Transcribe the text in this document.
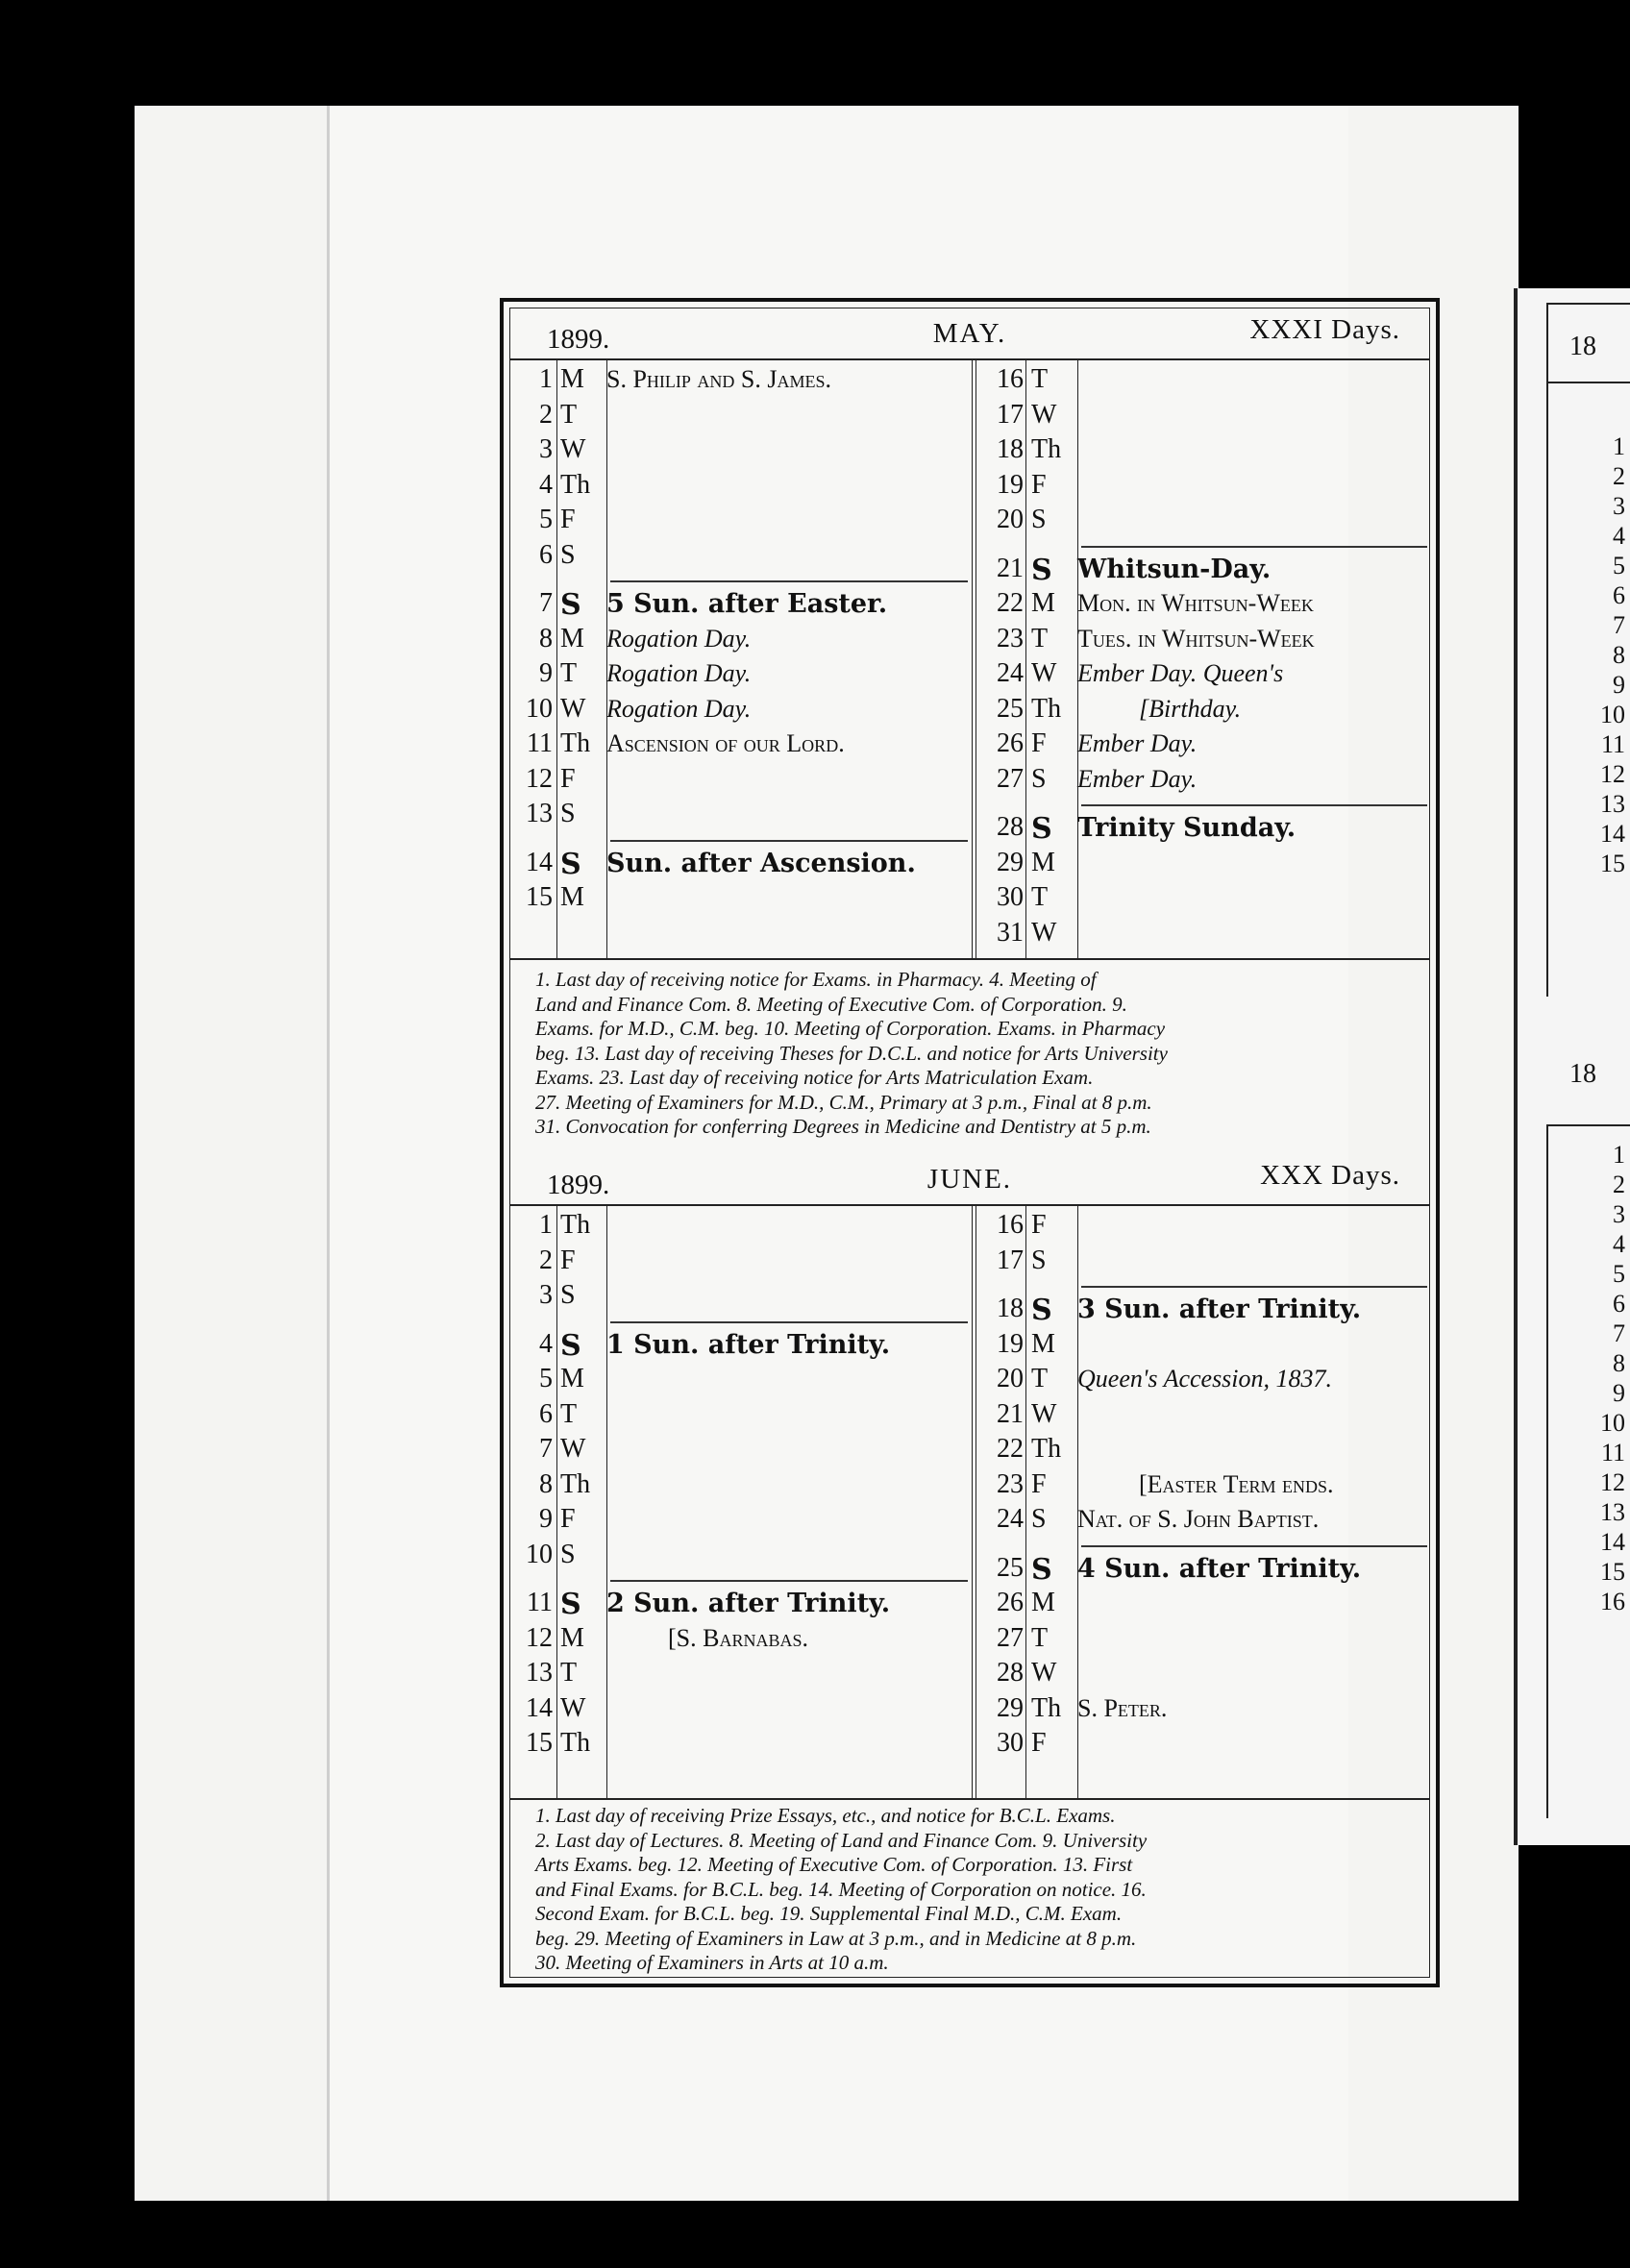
18
1
2
3
4
5
6
7
8
9
10
11
12
13
14
15
18
1
2
3
4
5
6
7
8
9
10
11
12
13
14
15
16
1899.	MAY.	XXXI Days.
1 M S. Philip and S. James.
2 T
3 W
4 Th
5 F
6 S
7 S 5 Sun. after Easter.
8 M Rogation Day.
9 T	Rogation Day.
10 W Rogation Day.
11 Th Ascension of our Lord.
12 F
13 S
14 S Sun. after Ascension.
15 M
16 T
17 W
18 Th
19 F
20 S
21 S Whitsun-Day.
22 M Mon. in Whitsun-Week
23 T	Tues. in Whitsun-Week
24 W Ember Day. Queen's
25 Th	[Birthday.
26 F	Ember Day.
27 S	Ember Day.
28 S Trinity Sunday.
29 M
30 T
31 W
1. Last day of receiving notice for Exams. in Pharmacy. 4. Meeting of
Land and Finance Com. 8. Meeting of Executive Com. of Corporation. 9.
Exams. for M.D., C.M. beg. 10. Meeting of Corporation. Exams. in Pharmacy
beg. 13. Last day of receiving Theses for D.C.L. and notice for Arts University
Exams. 23. Last day of receiving notice for Arts Matriculation Exam.
27. Meeting of Examiners for M.D., C.M., Primary at 3 p.m., Final at 8 p.m.
31. Convocation for conferring Degrees in Medicine and Dentistry at 5 p.m.
1899.	JUNE.	XXX Days.
1 Th
2 F
3 S
4 S 1 Sun. after Trinity.
5 M
6 T
7 W
8 Th
9 F
10 S
11 S 2 Sun. after Trinity.
12 M	[S. Barnabas.
13 T
14 W
15 Th
16 F
17 S
18 S 3 Sun. after Trinity.
19 M
20 T	Queen's Accession, 1837.
21 W
22 Th
23 F	[Easter Term ends.
24 S	Nat. of S. John Baptist.
25 S 4 Sun. after Trinity.
26 M
27 T
28 W
29 Th S. Peter.
30 F
1. Last day of receiving Prize Essays, etc., and notice for B.C.L. Exams.
2. Last day of Lectures. 8. Meeting of Land and Finance Com. 9. University
Arts Exams. beg. 12. Meeting of Executive Com. of Corporation. 13. First
and Final Exams. for B.C.L. beg. 14. Meeting of Corporation on notice. 16.
Second Exam. for B.C.L. beg. 19. Supplemental Final M.D., C.M. Exam.
beg. 29. Meeting of Examiners in Law at 3 p.m., and in Medicine at 8 p.m.
30. Meeting of Examiners in Arts at 10 a.m.
